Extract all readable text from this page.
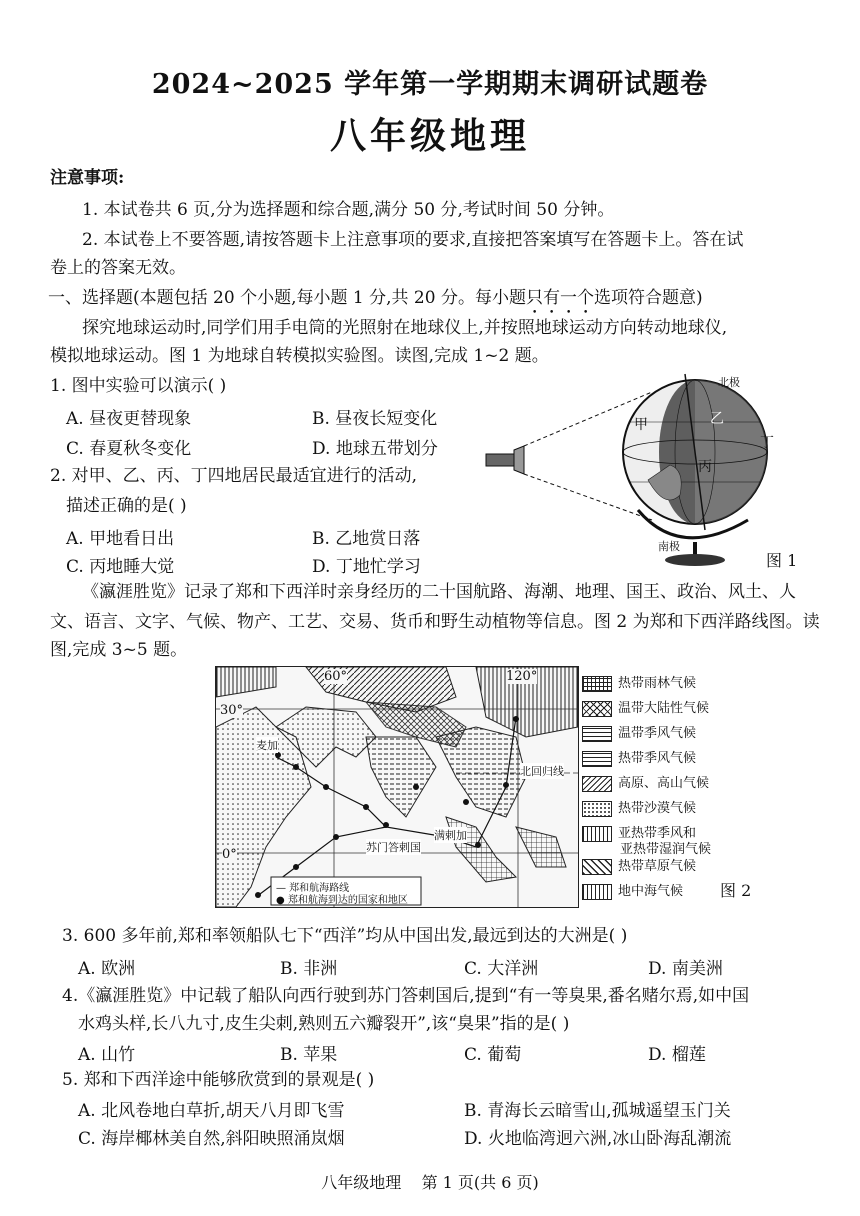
2024~2025 学年第一学期期末调研试题卷
八年级地理
注意事项:
1. 本试卷共 6 页,分为选择题和综合题,满分 50 分,考试时间 50 分钟。
2. 本试卷上不要答题,请按答题卡上注意事项的要求,直接把答案填写在答题卡上。答在试
卷上的答案无效。
一、选择题(本题包括 20 个小题,每小题 1 分,共 20 分。每小题只有一个选项符合题意)
探究地球运动时,同学们用手电筒的光照射在地球仪上,并按照地球运动方向转动地球仪,
模拟地球运动。图 1 为地球自转模拟实验图。读图,完成 1~2 题。
1. 图中实验可以演示( )
A. 昼夜更替现象	B. 昼夜长短变化
C. 春夏秋冬变化	D. 地球五带划分
2. 对甲、乙、丙、丁四地居民最适宜进行的活动,
描述正确的是( )
A. 甲地看日出	B. 乙地赏日落
C. 丙地睡大觉	D. 丁地忙学习
北极
南极
甲	乙
丙
丁
图 1
《瀛涯胜览》记录了郑和下西洋时亲身经历的二十国航路、海潮、地理、国王、政治、风土、人
文、语言、文字、气候、物产、工艺、交易、货币和野生动植物等信息。图 2 为郑和下西洋路线图。读
图,完成 3~5 题。
60°	120°
30°
0°
麦加
北回归线
苏门答剌国
满剌加
— 郑和航海路线
● 郑和航海到达的国家和地区
热带雨林气候
温带大陆性气候
温带季风气候
热带季风气候
高原、高山气候
热带沙漠气候
亚热带季风和
亚热带湿润气候
热带草原气候
地中海气候 图 2
3. 600 多年前,郑和率领船队七下“西洋”均从中国出发,最远到达的大洲是( )
A. 欧洲	B. 非洲	C. 大洋洲	D. 南美洲
4.《瀛涯胜览》中记载了船队向西行驶到苏门答剌国后,提到“有一等臭果,番名赌尔焉,如中国
水鸡头样,长八九寸,皮生尖刺,熟则五六瓣裂开”,该“臭果”指的是( )
A. 山竹	B. 苹果	C. 葡萄	D. 榴莲
5. 郑和下西洋途中能够欣赏到的景观是( )
A. 北风卷地白草折,胡天八月即飞雪	B. 青海长云暗雪山,孤城遥望玉门关
C. 海岸椰林美自然,斜阳映照涌岚烟	D. 火地临湾迥六洲,冰山卧海乱潮流
八年级地理    第 1 页(共 6 页)
